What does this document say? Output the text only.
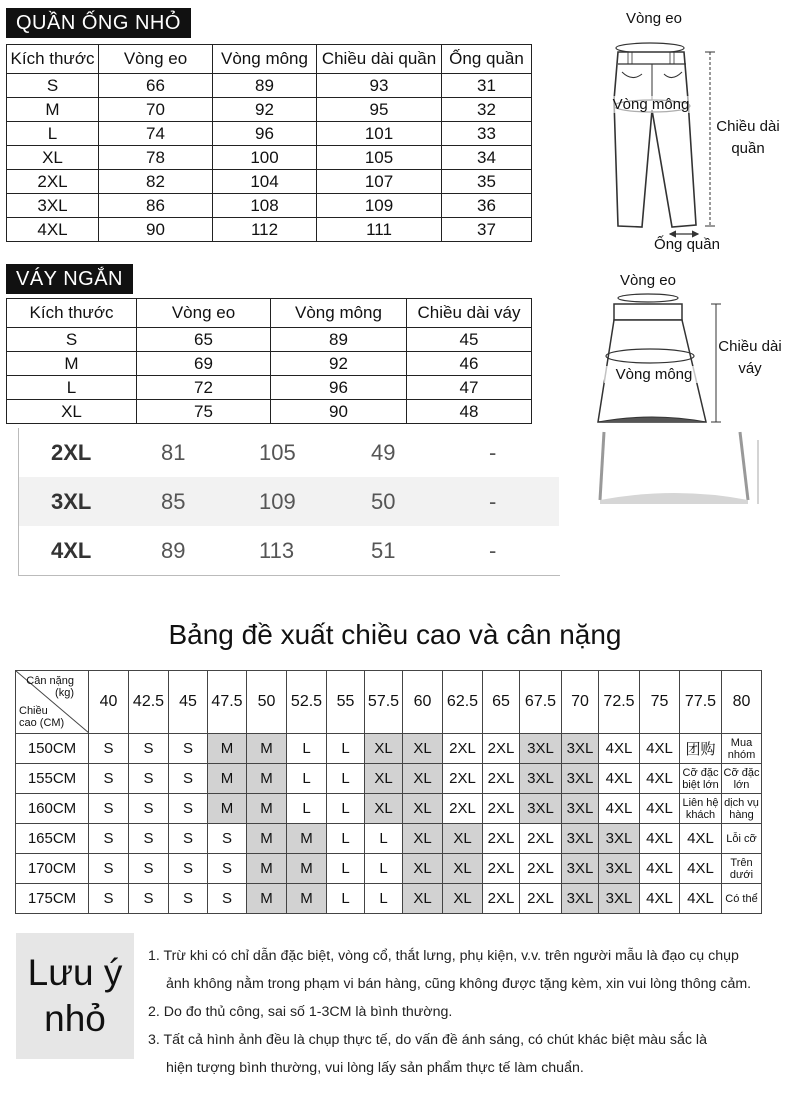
QUẦN ỐNG NHỎ
Kích thước	Vòng eo	Vòng mông	Chiều dài quần	Ống quần
S	66	89	93	31
M	70	92	95	32
L	74	96	101	33
XL	78	100	105	34
2XL	82	104	107	35
3XL	86	108	109	36
4XL	90	112	111	37
Vòng eo
Vòng mông
Chiều dài
quần
Ống quần
VÁY NGẮN
Kích thước	Vòng eo	Vòng mông	Chiều dài váy
S	65	89	45
M	69	92	46
L	72	96	47
XL	75	90	48
Vòng eo
Vòng mông
Chiều dài
váy
2XL	81	105	49	-
3XL	85	109	50	-
4XL	89	113	51	-
Bảng đề xuất chiều cao và cân nặng
Cân nặng
(kg)
Chiều
cao (CM)	40	42.5	45	47.5	50	52.5	55	57.5	60	62.5	65	67.5	70	72.5	75	77.5	80
150CM	S	S	S	M	M	L	L	XL	XL	2XL	2XL	3XL	3XL	4XL	4XL	团购	Mua nhóm
155CM	S	S	S	M	M	L	L	XL	XL	2XL	2XL	3XL	3XL	4XL	4XL	Cỡ đặc biệt lớn	Cỡ đặc lớn
160CM	S	S	S	M	M	L	L	XL	XL	2XL	2XL	3XL	3XL	4XL	4XL	Liên hệ khách	dịch vụ hàng
165CM	S	S	S	S	M	M	L	L	XL	XL	2XL	2XL	3XL	3XL	4XL	4XL	Lỗi cỡ
170CM	S	S	S	S	M	M	L	L	XL	XL	2XL	2XL	3XL	3XL	4XL	4XL	Trên dưới
175CM	S	S	S	S	M	M	L	L	XL	XL	2XL	2XL	3XL	3XL	4XL	4XL	Có thể
Lưu ý
nhỏ

1. Trừ khi có chỉ dẫn đặc biệt, vòng cổ, thắt lưng, phụ kiện, v.v. trên người mẫu là đạo cụ chụp

ảnh không nằm trong phạm vi bán hàng, cũng không được tặng kèm, xin vui lòng thông cảm.

2. Do đo thủ công, sai số 1-3CM là bình thường.

3. Tất cả hình ảnh đều là chụp thực tế, do vấn đề ánh sáng, có chút khác biệt màu sắc là

hiện tượng bình thường, vui lòng lấy sản phẩm thực tế làm chuẩn.
